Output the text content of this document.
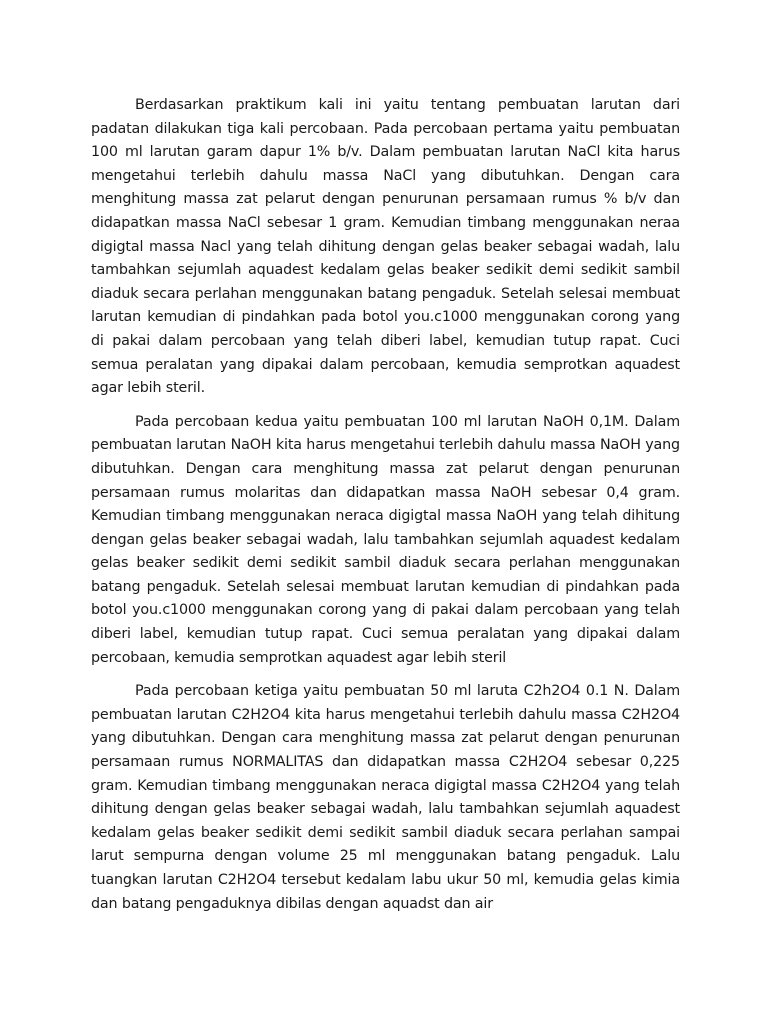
Berdasarkan praktikum kali ini yaitu tentang pembuatan larutan dari padatan dilakukan tiga kali percobaan. Pada percobaan pertama yaitu pembuatan 100 ml larutan garam dapur 1% b/v. Dalam pembuatan larutan NaCl kita harus mengetahui terlebih dahulu massa NaCl yang dibutuhkan. Dengan cara menghitung massa zat pelarut dengan penurunan persamaan rumus % b/v dan didapatkan massa NaCl sebesar 1 gram. Kemudian timbang menggunakan neraa digigtal massa Nacl yang telah dihitung dengan gelas beaker sebagai wadah, lalu tambahkan sejumlah aquadest kedalam gelas beaker sedikit demi sedikit sambil diaduk secara perlahan menggunakan batang pengaduk. Setelah selesai membuat larutan kemudian di pindahkan pada botol you.c1000 menggunakan corong yang di pakai dalam percobaan yang telah diberi label, kemudian tutup rapat. Cuci semua peralatan yang dipakai dalam percobaan, kemudia semprotkan aquadest agar lebih steril.

Pada percobaan kedua yaitu pembuatan 100 ml larutan NaOH 0,1M. Dalam pembuatan larutan NaOH kita harus mengetahui terlebih dahulu massa NaOH yang dibutuhkan. Dengan cara menghitung massa zat pelarut dengan penurunan persamaan rumus molaritas dan didapatkan massa NaOH sebesar 0,4 gram. Kemudian timbang menggunakan neraca digigtal massa NaOH yang telah dihitung dengan gelas beaker sebagai wadah, lalu tambahkan sejumlah aquadest kedalam gelas beaker sedikit demi sedikit sambil diaduk secara perlahan menggunakan batang pengaduk. Setelah selesai membuat larutan kemudian di pindahkan pada botol you.c1000 menggunakan corong yang di pakai dalam percobaan yang telah diberi label, kemudian tutup rapat. Cuci semua peralatan yang dipakai dalam percobaan, kemudia semprotkan aquadest agar lebih steril

Pada percobaan ketiga yaitu pembuatan 50 ml laruta C2h2O4 0.1 N. Dalam pembuatan larutan C2H2O4 kita harus mengetahui terlebih dahulu massa C2H2O4 yang dibutuhkan. Dengan cara menghitung massa zat pelarut dengan penurunan persamaan rumus NORMALITAS dan didapatkan massa C2H2O4 sebesar 0,225 gram. Kemudian timbang menggunakan neraca digigtal massa C2H2O4 yang telah dihitung dengan gelas beaker sebagai wadah, lalu tambahkan sejumlah aquadest kedalam gelas beaker sedikit demi sedikit sambil diaduk secara perlahan sampai larut sempurna dengan volume 25 ml menggunakan batang pengaduk. Lalu tuangkan larutan C2H2O4 tersebut kedalam labu ukur 50 ml, kemudia gelas kimia dan batang pengaduknya dibilas dengan aquadst dan air
